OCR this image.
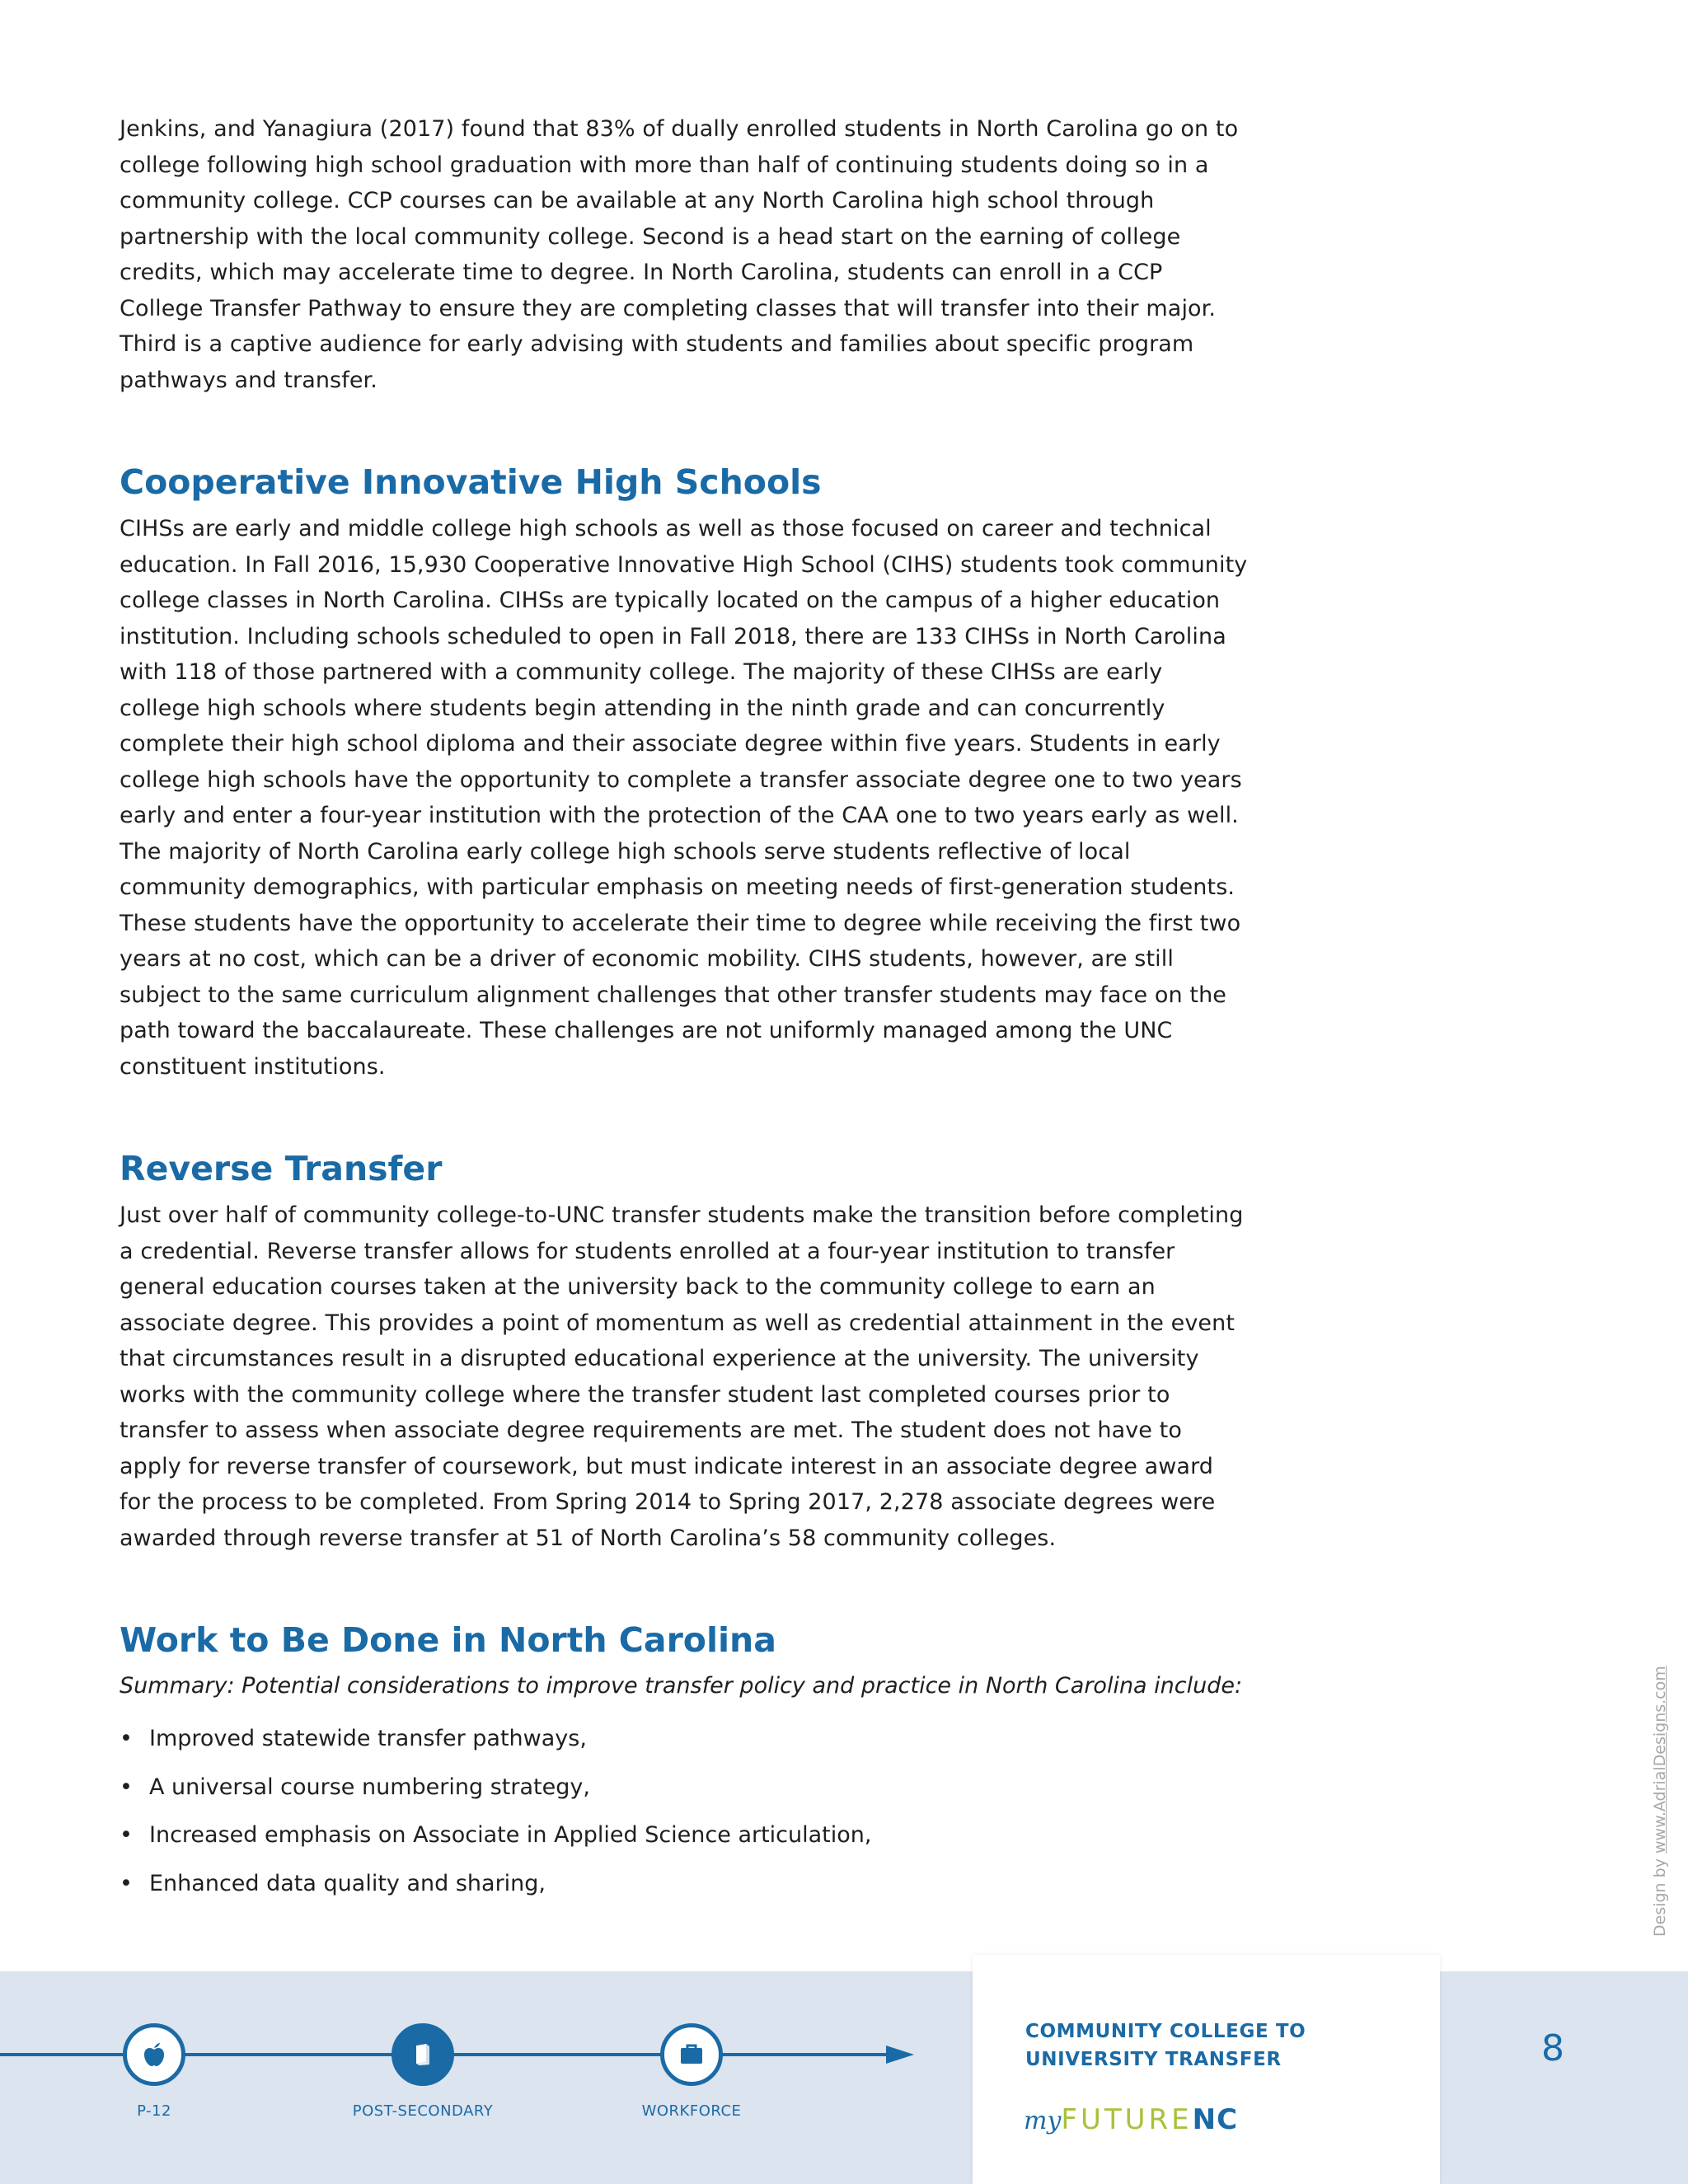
Jenkins, and Yanagiura (2017) found that 83% of dually enrolled students in North Carolina go on to college following high school graduation with more than half of continuing students doing so in a community college. CCP courses can be available at any North Carolina high school through partnership with the local community college. Second is a head start on the earning of college credits, which may accelerate time to degree. In North Carolina, students can enroll in a CCP College Transfer Pathway to ensure they are completing classes that will transfer into their major. Third is a captive audience for early advising with students and families about specific program pathways and transfer.

Cooperative Innovative High Schools

CIHSs are early and middle college high schools as well as those focused on career and technical education. In Fall 2016, 15,930 Cooperative Innovative High School (CIHS) students took community college classes in North Carolina. CIHSs are typically located on the campus of a higher education institution. Including schools scheduled to open in Fall 2018, there are 133 CIHSs in North Carolina with 118 of those partnered with a community college. The majority of these CIHSs are early college high schools where students begin attending in the ninth grade and can concurrently complete their high school diploma and their associate degree within five years. Students in early college high schools have the opportunity to complete a transfer associate degree one to two years early and enter a four-year institution with the protection of the CAA one to two years early as well. The majority of North Carolina early college high schools serve students reflective of local community demographics, with particular emphasis on meeting needs of first-generation students. These students have the opportunity to accelerate their time to degree while receiving the first two years at no cost, which can be a driver of economic mobility. CIHS students, however, are still subject to the same curriculum alignment challenges that other transfer students may face on the path toward the baccalaureate. These challenges are not uniformly managed among the UNC constituent institutions.

Reverse Transfer

Just over half of community college-to-UNC transfer students make the transition before completing a credential. Reverse transfer allows for students enrolled at a four-year institution to transfer general education courses taken at the university back to the community college to earn an associate degree. This provides a point of momentum as well as credential attainment in the event that circumstances result in a disrupted educational experience at the university. The university works with the community college where the transfer student last completed courses prior to transfer to assess when associate degree requirements are met. The student does not have to apply for reverse transfer of coursework, but must indicate interest in an associate degree award for the process to be completed. From Spring 2014 to Spring 2017, 2,278 associate degrees were awarded through reverse transfer at 51 of North Carolina’s 58 community colleges.

Work to Be Done in North Carolina

Summary: Potential considerations to improve transfer policy and practice in North Carolina include:

• Improved statewide transfer pathways,
• A universal course numbering strategy,
• Increased emphasis on Associate in Applied Science articulation,
• Enhanced data quality and sharing,	Design by www.AdrialDesigns.com
P-12	POST-SECONDARY	WORKFORCE
COMMUNITY COLLEGE TO
UNIVERSITY TRANSFER
myFUTURENC
8
